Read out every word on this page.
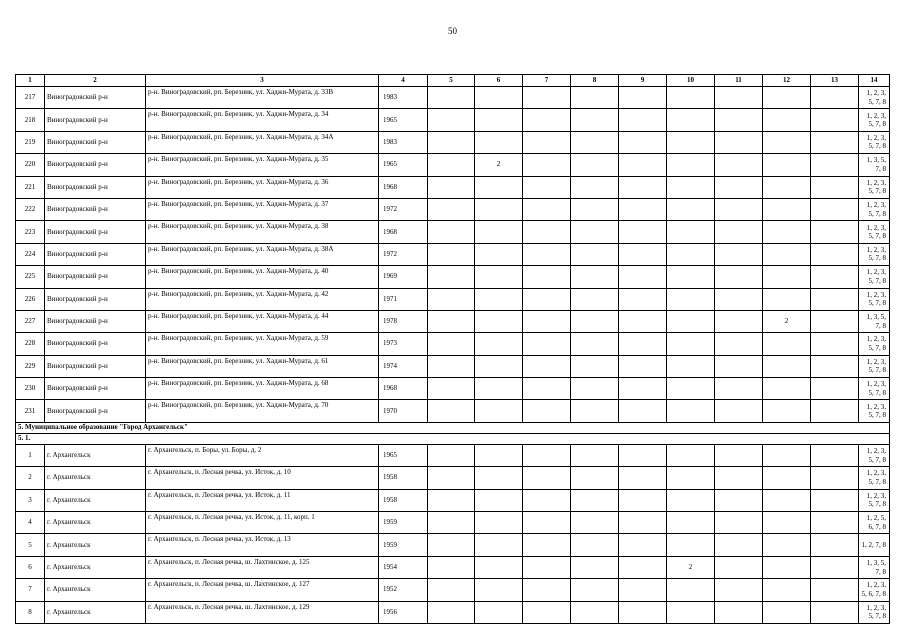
50
1	2	3	4	5	6	7	8	9	10	11	12	13	14
217	Виноградовский р-н	р-н. Виноградовский, рп. Березник, ул. Хаджи-Мурата, д. 33В	1983										1, 2, 3, 5, 7, 8
218	Виноградовский р-н	р-н. Виноградовский, рп. Березник, ул. Хаджи-Мурата, д. 34	1965										1, 2, 3, 5, 7, 8
219	Виноградовский р-н	р-н. Виноградовский, рп. Березник, ул. Хаджи-Мурата, д. 34А	1983										1, 2, 3, 5, 7, 8
220	Виноградовский р-н	р-н. Виноградовский, рп. Березник, ул. Хаджи-Мурата, д. 35	1965		2								1, 3, 5, 7, 8
221	Виноградовский р-н	р-н. Виноградовский, рп. Березник, ул. Хаджи-Мурата, д. 36	1968										1, 2, 3, 5, 7, 8
222	Виноградовский р-н	р-н. Виноградовский, рп. Березник, ул. Хаджи-Мурата, д. 37	1972										1, 2, 3, 5, 7, 8
223	Виноградовский р-н	р-н. Виноградовский, рп. Березник, ул. Хаджи-Мурата, д. 38	1968										1, 2, 3, 5, 7, 8
224	Виноградовский р-н	р-н. Виноградовский, рп. Березник, ул. Хаджи-Мурата, д. 38А	1972										1, 2, 3, 5, 7, 8
225	Виноградовский р-н	р-н. Виноградовский, рп. Березник, ул. Хаджи-Мурата, д. 40	1969										1, 2, 3, 5, 7, 8
226	Виноградовский р-н	р-н. Виноградовский, рп. Березник, ул. Хаджи-Мурата, д. 42	1971										1, 2, 3, 5, 7, 8
227	Виноградовский р-н	р-н. Виноградовский, рп. Березник, ул. Хаджи-Мурата, д. 44	1978								2		1, 3, 5, 7, 8
228	Виноградовский р-н	р-н. Виноградовский, рп. Березник, ул. Хаджи-Мурата, д. 59	1973										1, 2, 3, 5, 7, 8
229	Виноградовский р-н	р-н. Виноградовский, рп. Березник, ул. Хаджи-Мурата, д. 61	1974										1, 2, 3, 5, 7, 8
230	Виноградовский р-н	р-н. Виноградовский, рп. Березник, ул. Хаджи-Мурата, д. 68	1968										1, 2, 3, 5, 7, 8
231	Виноградовский р-н	р-н. Виноградовский, рп. Березник, ул. Хаджи-Мурата, д. 70	1970										1, 2, 3, 5, 7, 8
5. Муниципальное образование "Город Архангельск"													
5. 1.													
1	г. Архангельск	г. Архангельск, п. Боры, ул. Боры, д. 2	1965										1, 2, 3, 5, 7, 8
2	г. Архангельск	г. Архангельск, п. Лесная речка, ул. Исток, д. 10	1958										1, 2, 3, 5, 7, 8
3	г. Архангельск	г. Архангельск, п. Лесная речка, ул. Исток, д. 11	1958										1, 2, 3, 5, 7, 8
4	г. Архангельск	г. Архангельск, п. Лесная речка, ул. Исток, д. 11, корп. 1	1959										1, 2, 5, 6, 7, 8
5	г. Архангельск	г. Архангельск, п. Лесная речка, ул. Исток, д. 13	1959										1, 2, 7, 8
6	г. Архангельск	г. Архангельск, п. Лесная речка, ш. Лахтинское, д. 125	1954						2				1, 3, 5, 7, 8
7	г. Архангельск	г. Архангельск, п. Лесная речка, ш. Лахтинское, д. 127	1952										1, 2, 3, 5, 6, 7, 8
8	г. Архангельск	г. Архангельск, п. Лесная речка, ш. Лахтинское, д. 129	1956										1, 2, 3, 5, 7, 8
